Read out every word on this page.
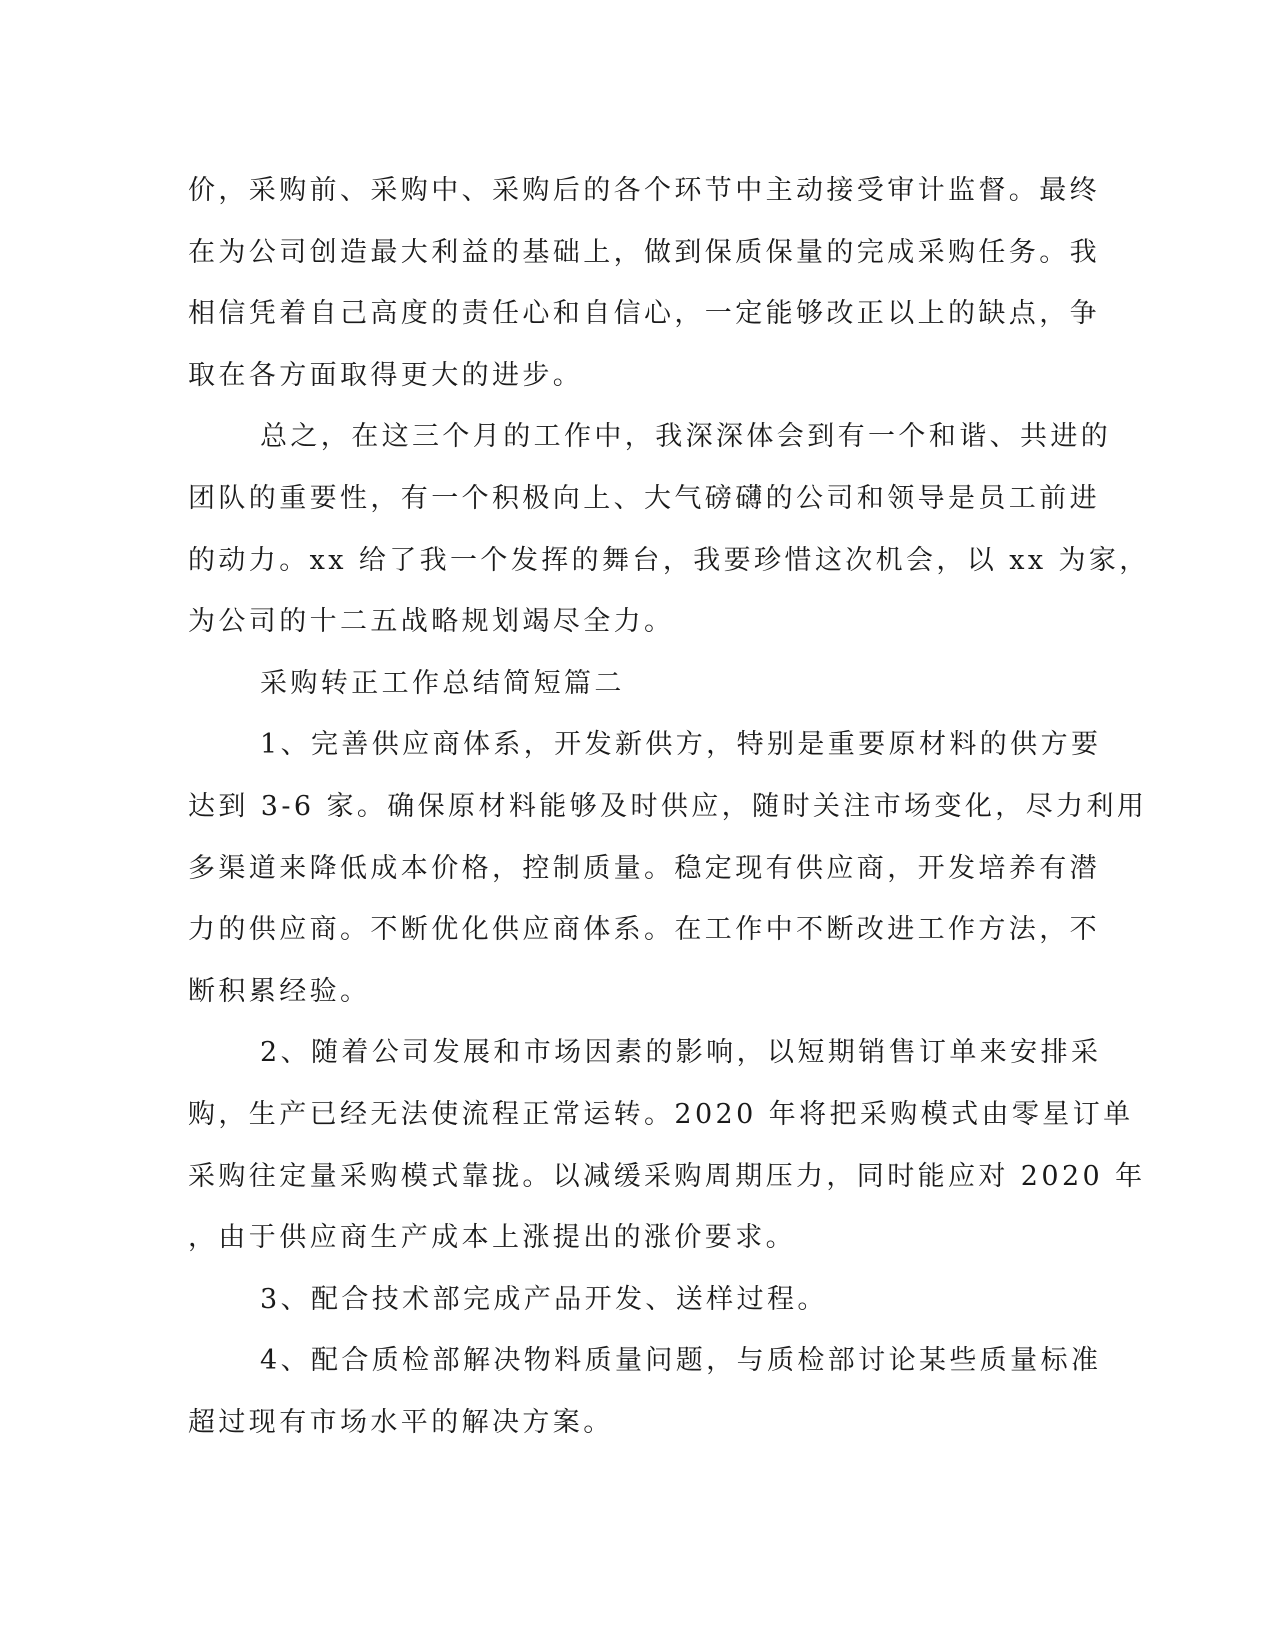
价，采购前、采购中、采购后的各个环节中主动接受审计监督。最终
在为公司创造最大利益的基础上，做到保质保量的完成采购任务。我
相信凭着自己高度的责任心和自信心，一定能够改正以上的缺点，争
取在各方面取得更大的进步。
总之，在这三个月的工作中，我深深体会到有一个和谐、共进的
团队的重要性，有一个积极向上、大气磅礴的公司和领导是员工前进
的动力。xx 给了我一个发挥的舞台，我要珍惜这次机会，以 xx 为家，
为公司的十二五战略规划竭尽全力。
采购转正工作总结简短篇二
1、完善供应商体系，开发新供方，特别是重要原材料的供方要
达到 3-6 家。确保原材料能够及时供应，随时关注市场变化，尽力利用
多渠道来降低成本价格，控制质量。稳定现有供应商，开发培养有潜
力的供应商。不断优化供应商体系。在工作中不断改进工作方法，不
断积累经验。
2、随着公司发展和市场因素的影响，以短期销售订单来安排采
购，生产已经无法使流程正常运转。2020 年将把采购模式由零星订单
采购往定量采购模式靠拢。以减缓采购周期压力，同时能应对 2020 年
，由于供应商生产成本上涨提出的涨价要求。
3、配合技术部完成产品开发、送样过程。
4、配合质检部解决物料质量问题，与质检部讨论某些质量标准
超过现有市场水平的解决方案。
